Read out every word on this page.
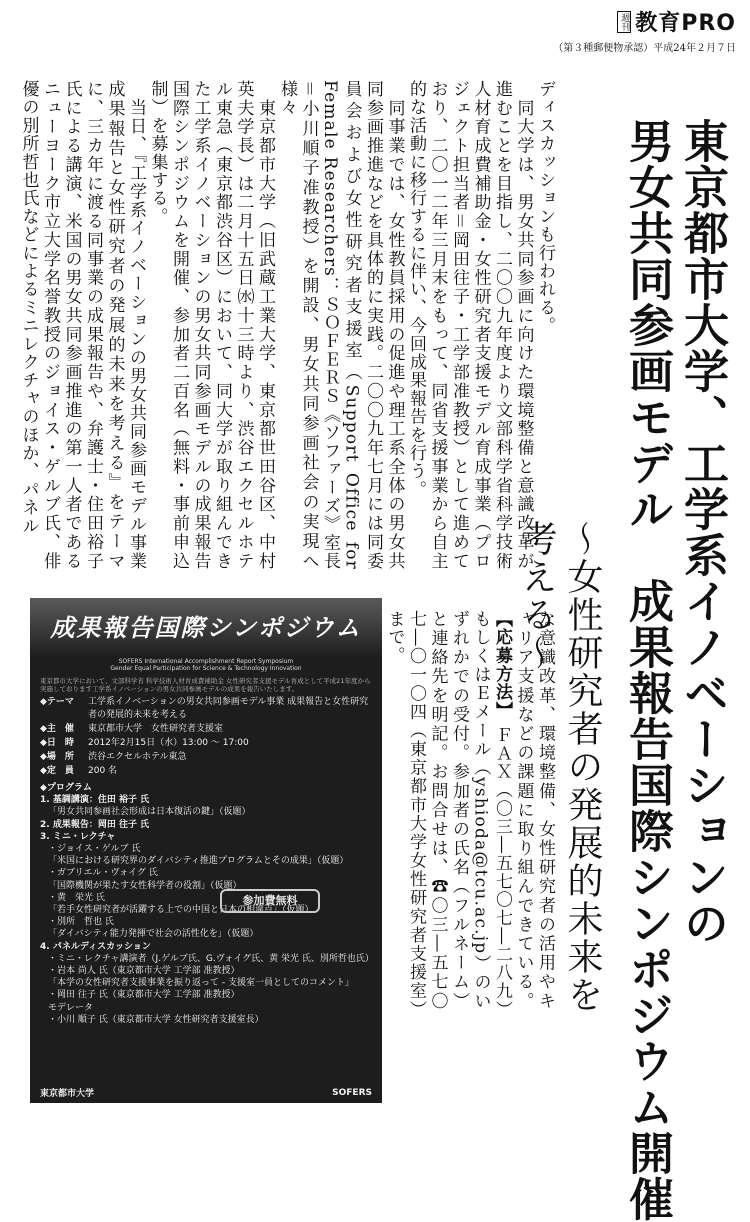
週刊 教育PRO
（第３種郵便物承認）平成24年２月７日
東京都市大学、工学系イノベーションの
男女共同参画モデル　成果報告国際シンポジウム開催
〜女性研究者の発展的未来を考える〜
　東京都市大学（旧武蔵工業大学、東京都世田谷区、中村英夫学長）は二月十五日㈬十三時より、渋谷エクセルホテル東急（東京都渋谷区）において、同大学が取り組んできた工学系イノベーションの男女共同参画モデルの成果報告国際シンポジウムを開催、参加者二百名（無料・事前申込制）を募集する。
　当日、『工学系イノベーションの男女共同参画モデル事業成果報告と女性研究者の発展的未来を考える』をテーマに、三カ年に渡る同事業の成果報告や、弁護士・住田裕子氏による講演、米国の男女共同参画推進の第一人者であるニューヨーク市立大学名誉教授のジョイス・ゲルブ氏、俳優の別所哲也氏などによるミニレクチャのほか、パネル	ディスカッションも行われる。
　同大学は、男女共同参画に向けた環境整備と意識改革が進むことを目指し、二〇〇九年度より文部科学省科学技術人材育成費補助金・女性研究者支援モデル育成事業（プロジェクト担当者＝岡田往子・工学部准教授）として進めており、二〇一二年三月末をもって、同省支援事業から自主的な活動に移行するに伴い、今回成果報告を行う。
　同事業では、女性教員採用の促進や理工系全体の男女共同参画推進などを具体的に実践。二〇〇九年七月には同委員会および女性研究者支援室（Support Office for Female Researchers：ＳＯＦＥＲＳ《ソファーズ》室長＝小川順子准教授）を開設、男女共同参画社会の実現へ様々
な意識改革、環境整備、女性研究者の活用やキャリア支援などの課題に取り組んできている。 【応募方法】 ＦＡＸ（〇三―五七〇七―二八九）もしくはＥメール（yshioda@tcu.ac.jp）のいずれかでの受付。参加者の氏名（フルネーム）と連絡先を明記。お問合せは、☎〇三―五七〇七―〇一〇四（東京都市大学女性研究者支援室）まで。
成果報告国際シンポジウム
SOFERS International Accomplishment Report Symposium
Gender Equal Participation for Science & Technology Innovation
東京都市大学において、文部科学省 科学技術人材育成費補助金 女性研究者支援モデル育成として平成21年度から実施しております工学系イノベーションの男女共同参画モデルの成果を報告いたします。
◆テーマ	工学系イノベーションの男女共同参画モデル事業 成果報告と女性研究者の発展的未来を考える
◆主　催	東京都市大学　女性研究者支援室
◆日　時	2012年2月15日（水）13:00 〜 17:00
◆場　所	渋谷エクセルホテル東急
◆定　員	200 名
◆プログラム
1. 基調講演：住田 裕子 氏
「男女共同参画社会形成は日本復活の鍵」（仮題）
2. 成果報告：岡田 往子 氏
3. ミニ・レクチャ
・ジョイス・ゲルブ 氏
「米国における研究界のダイバシティ推進プログラムとその成果」（仮題）
・ガブリエル・ヴォイグ 氏
「国際機関が果たす女性科学者の役割」（仮題）
・黄　栄光 氏
「若手女性研究者が活躍する上での中国と日本の相違点」（仮題）
・別所　哲也 氏
「ダイバシティ能力発揮で社会の活性化を」（仮題）
4. パネルディスカッション
・ミニ・レクチャ講演者（J.ゲルブ氏、G.ヴォイグ氏、黄 栄光 氏、別所哲也氏）
・岩本 尚人 氏（東京都市大学 工学部 准教授）
「本学の女性研究者支援事業を振り返って - 支援室一員としてのコメント」
・岡田 往子 氏（東京都市大学 工学部 准教授）
モデレータ
・小川 順子 氏（東京都市大学 女性研究者支援室長）
参加費無料
東京都市大学	SOFERS
